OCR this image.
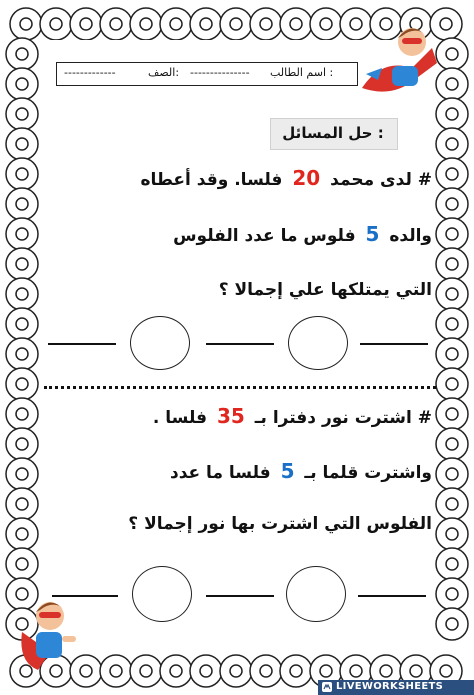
اسم الطالب :
---------------
الصف:
-------------
حل المسائل :
# لدى محمد 20 فلسا. وقد أعطاه
والده 5 فلوس ما عدد الفلوس
التي يمتلكها علي إجمالا ؟
# اشترت نور دفترا بـ 35 فلسا .
واشترت قلما بـ 5 فلسا ما عدد
الفلوس التي اشترت بها نور إجمالا ؟
LIVEWORKSHEETS
